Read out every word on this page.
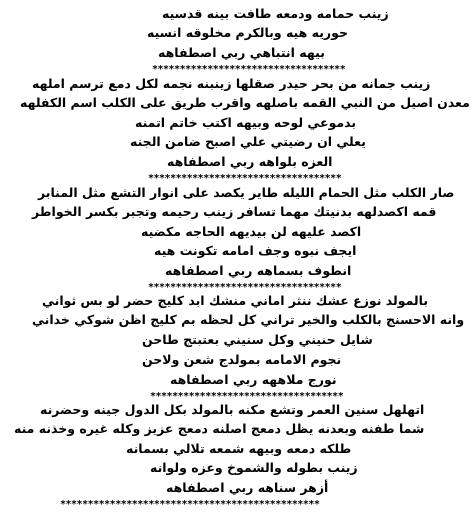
زينب حمامه ودمعه طافت بينه قدسيه
حوريه هيه وبالكرم مخلوقه انسيه
بيهه انتباهي ربي اصطفاهه
***********************************
زينب جمانه من بحر حيدر صقلها زينبنه نجمه لكل دمع ترسم املهه
معدن اصيل من النبي القمه باصلهه واقرب طريق على الكلب اسم الكفلهه
بدموعي لوحه وبيهه اكتب خاتم اتمنه
يعلي ان رضيتي علي اصبح ضامن الجنه
العزه بلواهه ربي اصطفاهه
***********************************
صار الكلب مثل الحمام الليله طاير يكصد على انوار التشع مثل المنابر
قمه اكصدلهه بدنيتك مهما تسافر زينب رحيمه وتجبر بكسر الخواطر
اكصد عليهه لن بيديهه الحاجه مكضيه
ايجف نبوه وجف امامه تكونت هيه
انطوف بسماهه ربي اصطفاهه
***********************************
بالمولد نوزع عشك ننثر اماني منشك ابد كليج حضر لو بس ثواني
وانه الاحسنج بالكلب والخير تراني كل لحظه بم كليج اظن شوكي خداني
شايل حنيني وكل سنيني بعتبتج طاحن
نجوم الامامه بمولدج شعن ولاحن
نورج ملاههه ربي اصطفاهه
***********************************
اتهلهل سنين العمر وتشع مكنه بالمولد بكل الدول جينه وحضرنه
شما طفنه وبعدنه يظل دمعج اصلنه دمعج عزيز وكله غيره وخذنه منه
طلكه دمعه وبيهه شمعه تلالي بسمانه
زينب بطوله والشموخ وعزه ولوانه
أزهر سناهه ربي اصطفاهه
***********************************************
